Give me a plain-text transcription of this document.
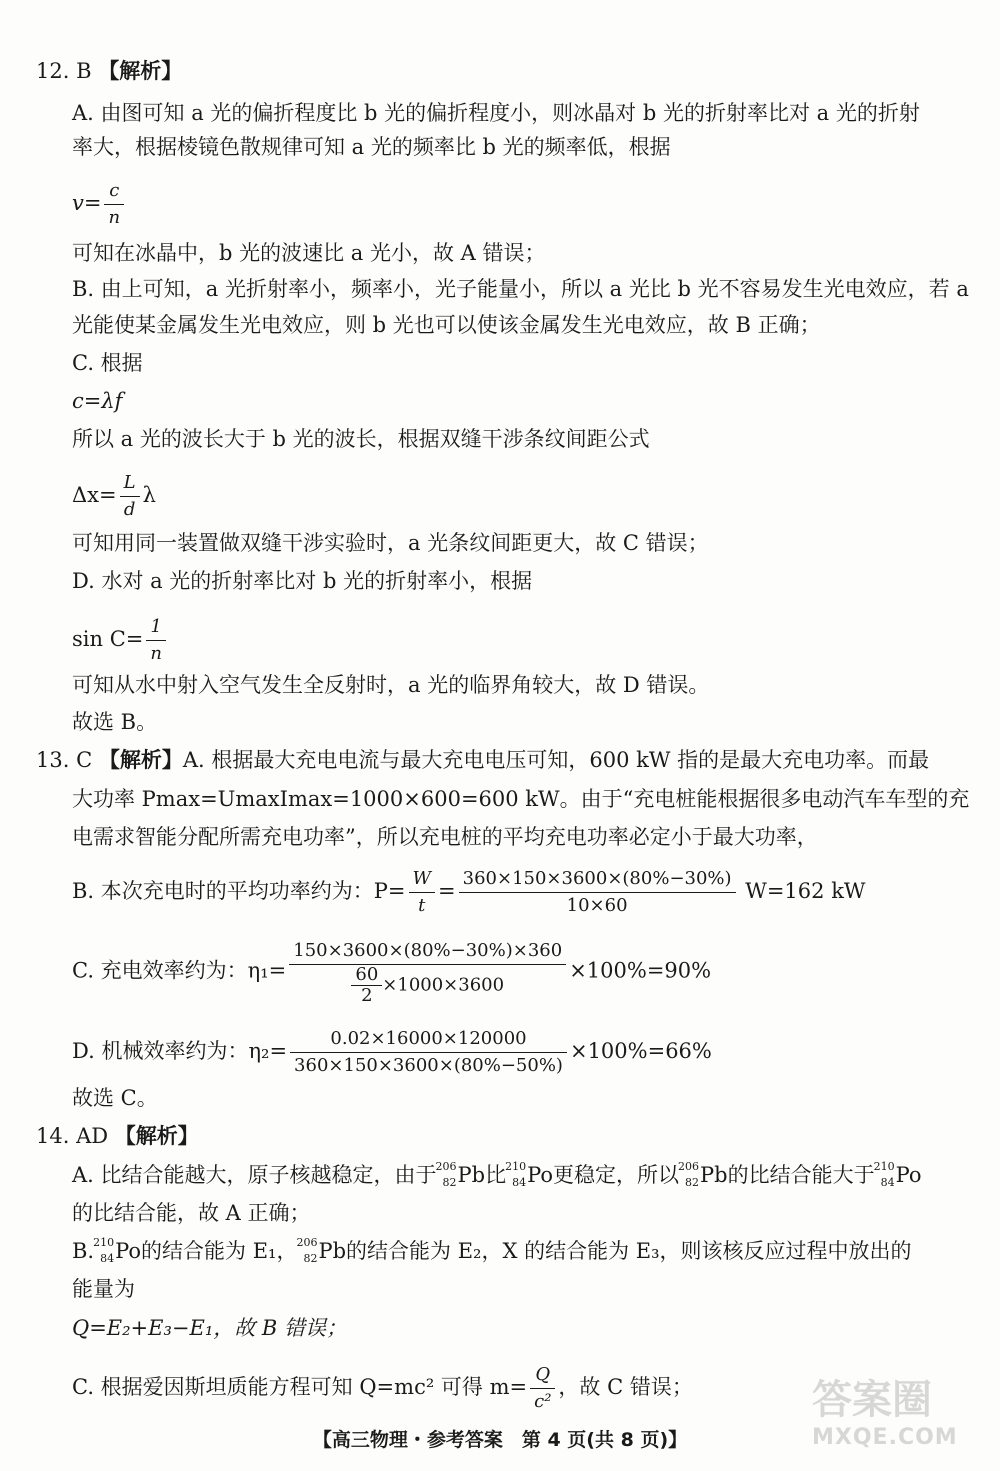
12. B 【解析】
A. 由图可知 a 光的偏折程度比 b 光的偏折程度小，则冰晶对 b 光的折射率比对 a 光的折射
率大，根据棱镜色散规律可知 a 光的频率比 b 光的频率低，根据
$v= \frac{c}{n}$
可知在冰晶中，b 光的波速比 a 光小，故 A 错误；
B. 由上可知，a 光折射率小，频率小，光子能量小，所以 a 光比 b 光不容易发生光电效应，若 a
光能使某金属发生光电效应，则 b 光也可以使该金属发生光电效应，故 B 正确；
C. 根据
c=λf
所以 a 光的波长大于 b 光的波长，根据双缝干涉条纹间距公式
$\Delta x= \frac{L}{d}$ λ
可知用同一装置做双缝干涉实验时，a 光条纹间距更大，故 C 错误；
D. 水对 a 光的折射率比对 b 光的折射率小，根据
$\sin C= \frac{1}{n}$
可知从水中射入空气发生全反射时，a 光的临界角较大，故 D 错误。
故选 B。
13. C 【解析】A. 根据最大充电电流与最大充电电压可知，600 kW 指的是最大充电功率。而最
大功率 Pmax=UmaxImax=1000×600=600 kW。由于“充电桩能根据很多电动汽车车型的充
电需求智能分配所需充电功率”，所以充电桩的平均充电功率必定小于最大功率，
B. 本次充电时的平均功率约为：$P= \frac{W}{t} = \frac{360\times 150\times 3600\times(80\%-30\%)}{10\times 60} W=162$ kW
C. 充电效率约为：$\eta_1= \frac{150\times 3600\times(80\%-30\%)\times 360}{\frac{60}{2} \times 1000\times 3600} \times 100\%=90\%$
D. 机械效率约为：$\eta_2= \frac{0.02\times 16000\times 120000}{360\times 150\times 3600\times(80\%-50\%)} \times 100\%=66\%$
故选 C。
14. AD 【解析】
A. 比结合能越大，原子核越稳定，由于 206
82 Pb比 210
84 Po更稳定，所以 206
82 Pb的比结合能大于 210
84 Po
的比结合能，故 A 正确；
B. 210
84 Po的结合能为 E₁， 206
82 Pb的结合能为 E₂，X 的结合能为 E₃，则该核反应过程中放出的
能量为
Q=E₂+E₃−E₁，故 B 错误；
C. 根据爱因斯坦质能方程可知 Q=mc² 可得 $m= \frac{Q}{\text{c²}}$ ，故 C 错误；
【高三物理・参考答案　第 4 页(共 8 页)】
答案圈
MXQE.COM
